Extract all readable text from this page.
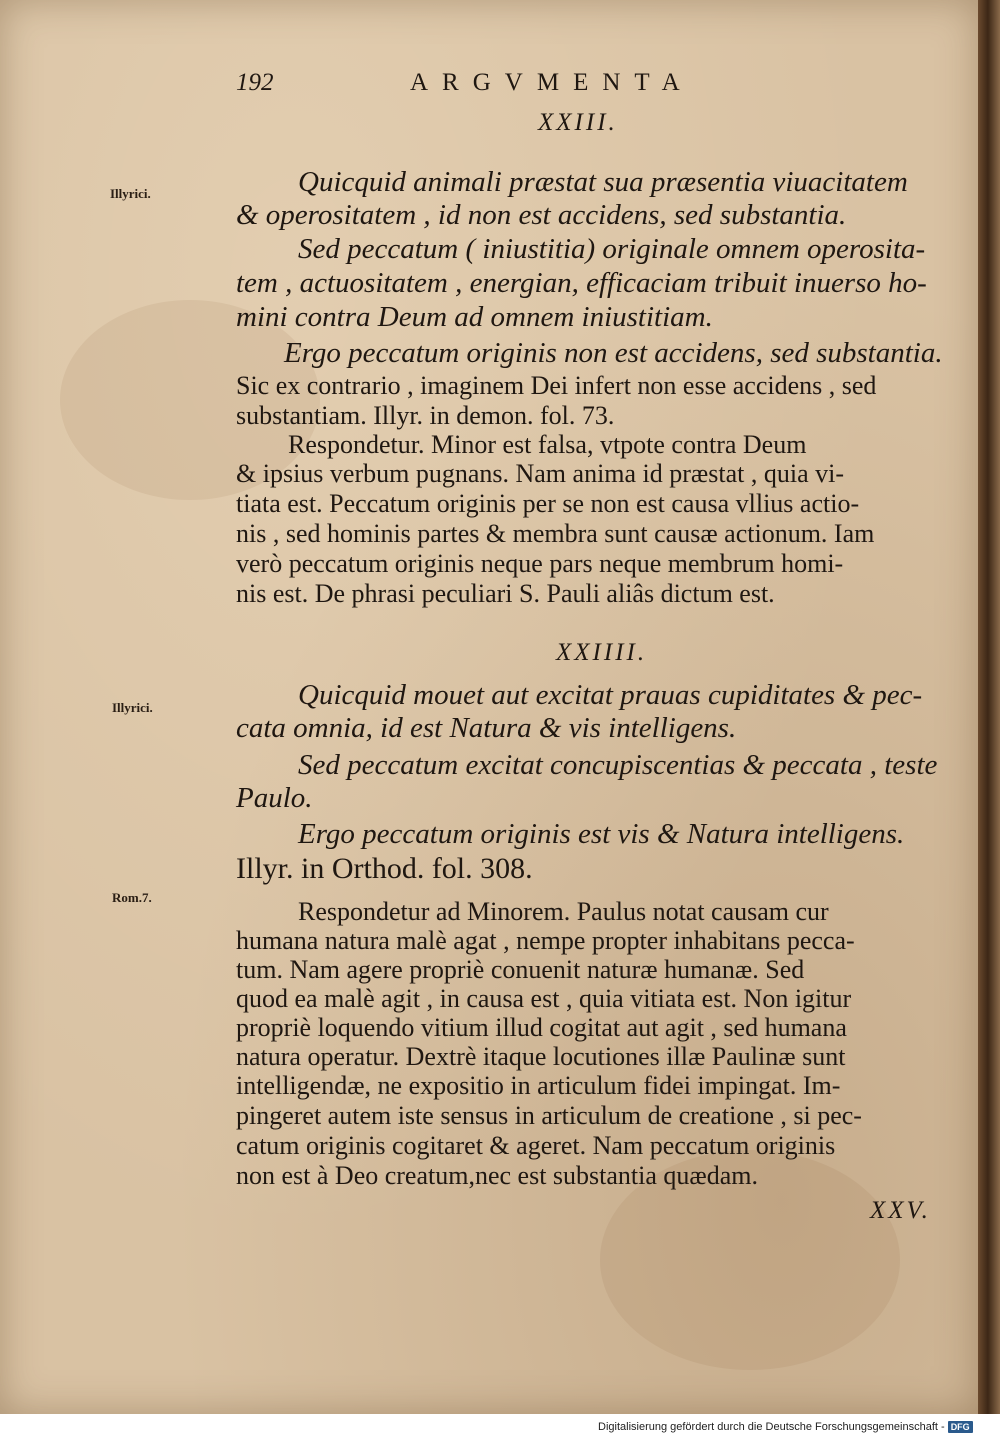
192	ARGVMENTA

XXIII.

Illyrici.	Quicquid animali præstat sua præsentia viuacitatem

& operositatem , id non est accidens, sed substantia.

Sed peccatum ( iniustitia) originale omnem operosita-

tem , actuositatem , energian, efficaciam tribuit inuerso ho-

mini contra Deum ad omnem iniustitiam.

Ergo peccatum originis non est accidens, sed substantia.

Sic ex contrario , imaginem Dei infert non esse accidens , sed

substantiam. Illyr. in demon. fol. 73.

Respondetur. Minor est falsa, vtpote contra Deum

& ipsius verbum pugnans. Nam anima id præstat , quia vi-

tiata est. Peccatum originis per se non est causa vllius actio-

nis , sed hominis partes & membra sunt causæ actionum. Iam

verò peccatum originis neque pars neque membrum homi-

nis est. De phrasi peculiari S. Pauli aliâs dictum est.

XXIIII.

Illyrici.

Rom.7.

Quicquid mouet aut excitat prauas cupiditates & pec-

cata omnia, id est Natura & vis intelligens.

Sed peccatum excitat concupiscentias & peccata , teste

Paulo.

Ergo peccatum originis est vis & Natura intelligens.

Illyr. in Orthod. fol. 308.

Respondetur ad Minorem. Paulus notat causam cur

humana natura malè agat , nempe propter inhabitans pecca-

tum. Nam agere propriè conuenit naturæ humanæ. Sed

quod ea malè agit , in causa est , quia vitiata est. Non igitur

propriè loquendo vitium illud cogitat aut agit , sed humana

natura operatur. Dextrè itaque locutiones illæ Paulinæ sunt

intelligendæ, ne expositio in articulum fidei impingat. Im-

pingeret autem iste sensus in articulum de creatione , si pec-

catum originis cogitaret & ageret. Nam peccatum originis

non est à Deo creatum,nec est substantia quædam.

XXV.

Digitalisierung gefördert durch die Deutsche Forschungsgemeinschaft - DFG
